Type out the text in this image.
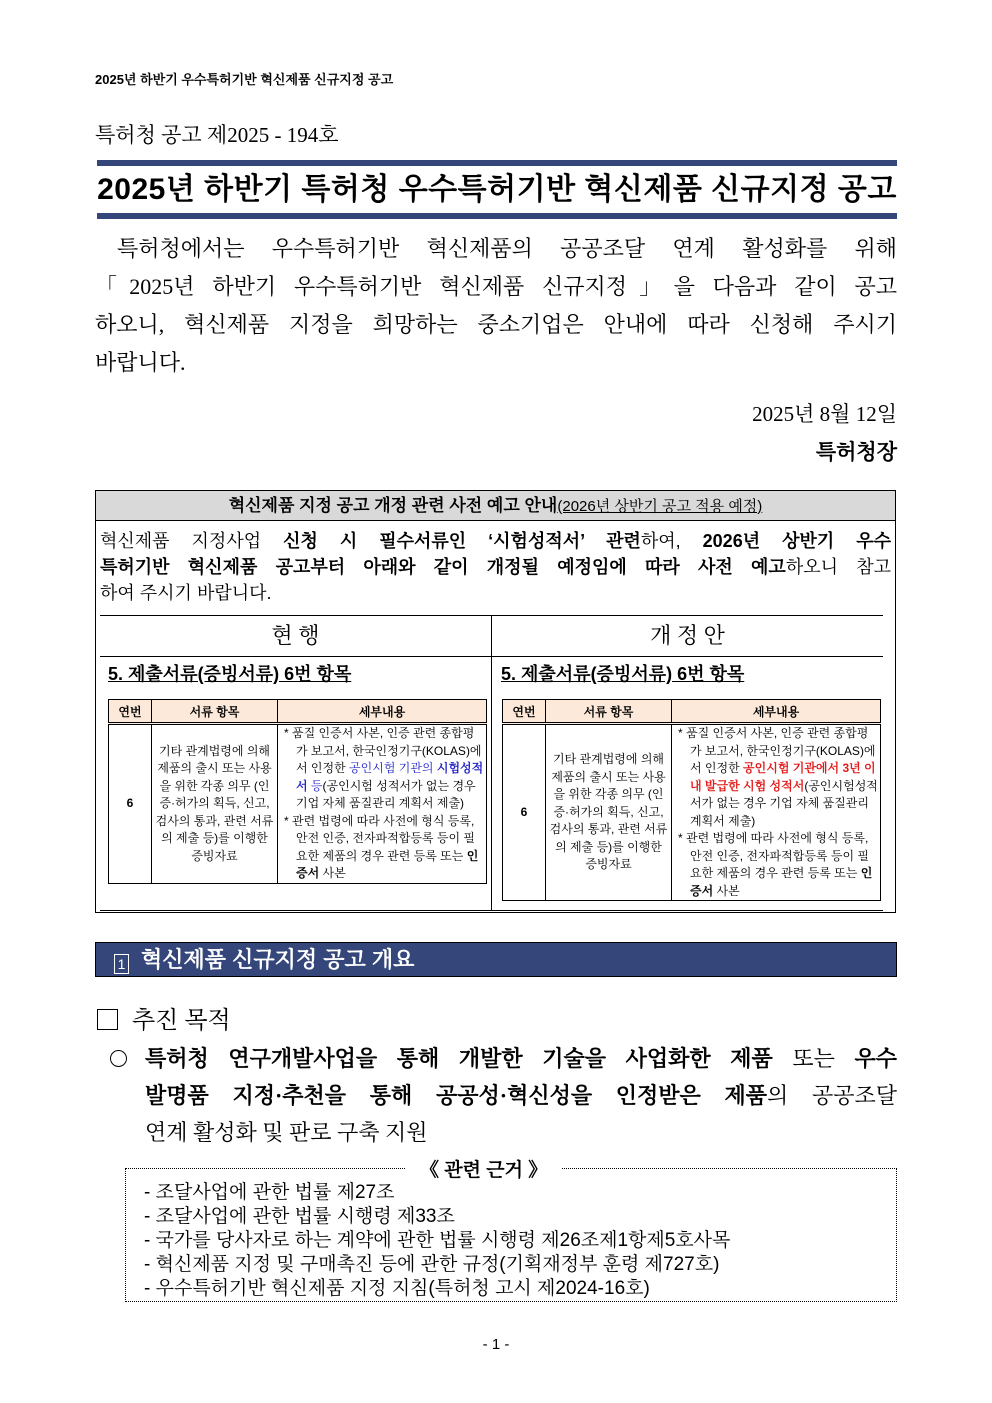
2025년 하반기 우수특허기반 혁신제품 신규지정 공고
특허청 공고 제2025 - 194호
2025년 하반기 특허청 우수특허기반 혁신제품 신규지정 공고
특허청에서는 우수특허기반 혁신제품의 공공조달 연계 활성화를 위해
「2025년 하반기 우수특허기반 혁신제품 신규지정」을 다음과 같이 공고
하오니, 혁신제품 지정을 희망하는 중소기업은 안내에 따라 신청해 주시기
바랍니다.
2025년 8월 12일
특허청장
혁신제품 지정 공고 개정 관련 사전 예고 안내(2026년 상반기 공고 적용 예정)
혁신제품 지정사업 신청 시 필수서류인 ‘시험성적서’ 관련하여, 2026년 상반기 우수
특허기반 혁신제품 공고부터 아래와 같이 개정될 예정임에 따라 사전 예고하오니 참고
하여 주시기 바랍니다.
현 행	개 정 안
5. 제출서류(증빙서류) 6번 항목	5. 제출서류(증빙서류) 6번 항목
연번	서류 항목	세부내용
6	기타 관계법령에 의해 제품의 출시 또는 사용을 위한 각종 의무 (인증·허가의 획득, 신고, 검사의 통과, 관련 서류의 제출 등)를 이행한 증빙자료	* 품질 인증서 사본, 인증 관련 종합평가 보고서, 한국인정기구(KOLAS)에서 인정한 공인시험 기관의 시험성적서 등(공인시험 성적서가 없는 경우 기업 자체 품질관리 계획서 제출)
* 관련 법령에 따라 사전에 형식 등록, 안전 인증, 전자파적합등록 등이 필요한 제품의 경우 관련 등록 또는 인증서 사본
연번	서류 항목	세부내용
6	기타 관계법령에 의해 제품의 출시 또는 사용을 위한 각종 의무 (인증·허가의 획득, 신고, 검사의 통과, 관련 서류의 제출 등)를 이행한 증빙자료	* 품질 인증서 사본, 인증 관련 종합평가 보고서, 한국인정기구(KOLAS)에서 인정한 공인시험 기관에서 3년 이내 발급한 시험 성적서(공인시험성적서가 없는 경우 기업 자체 품질관리 계획서 제출)
* 관련 법령에 따라 사전에 형식 등록, 안전 인증, 전자파적합등록 등이 필요한 제품의 경우 관련 등록 또는 인증서 사본
1 혁신제품 신규지정 공고 개요
추진 목적
특허청 연구개발사업을 통해 개발한 기술을 사업화한 제품 또는 우수
발명품 지정·추천을 통해 공공성·혁신성을 인정받은 제품의 공공조달
연계 활성화 및 판로 구축 지원
《 관련 근거 》
- 조달사업에 관한 법률 제27조
- 조달사업에 관한 법률 시행령 제33조
- 국가를 당사자로 하는 계약에 관한 법률 시행령 제26조제1항제5호사목
- 혁신제품 지정 및 구매촉진 등에 관한 규정(기획재정부 훈령 제727호)
- 우수특허기반 혁신제품 지정 지침(특허청 고시 제2024-16호)
- 1 -
